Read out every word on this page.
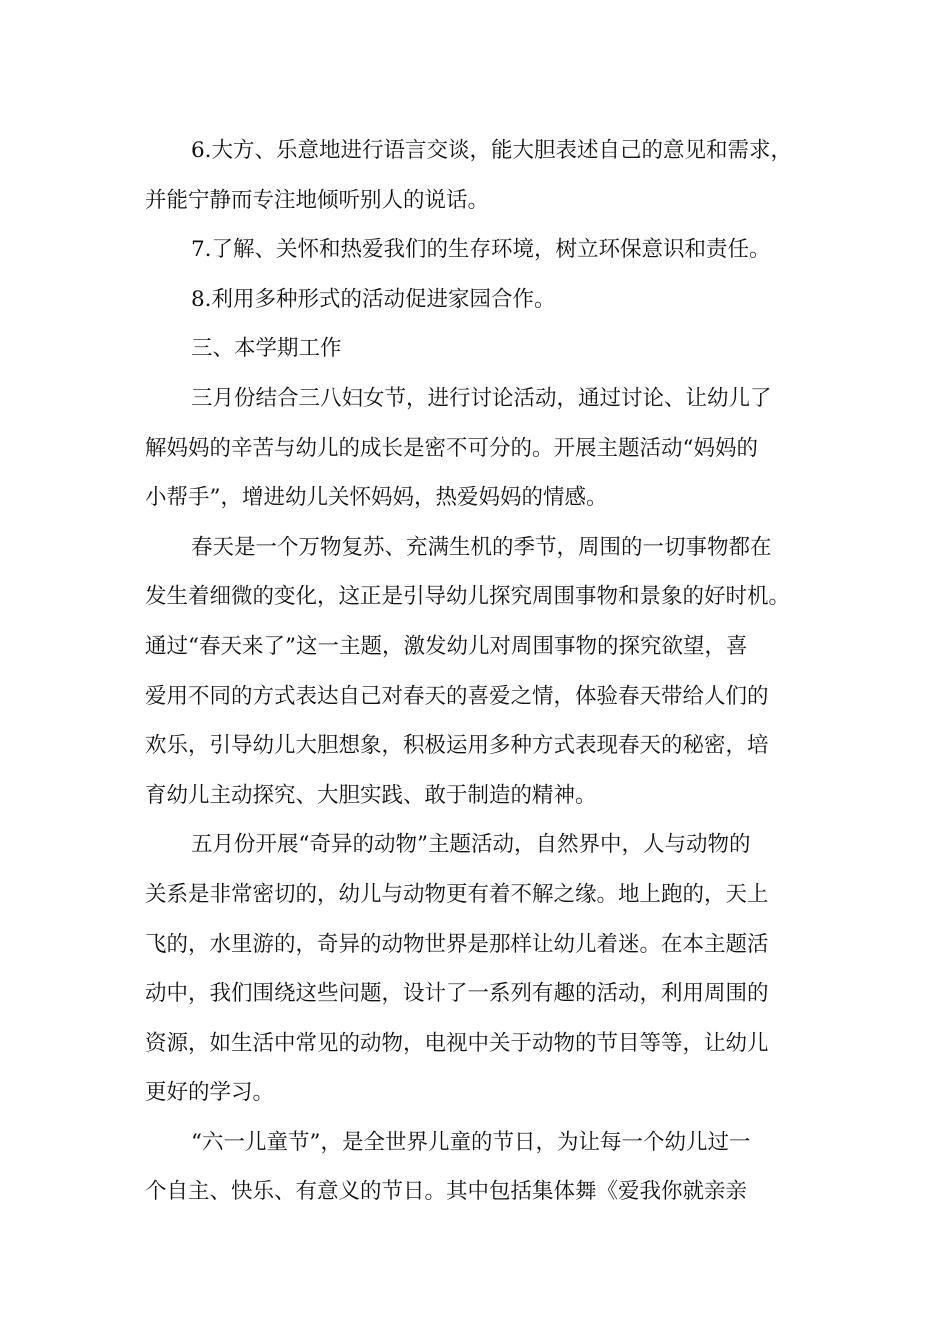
6.大方、乐意地进行语言交谈，能大胆表述自己的意见和需求，
并能宁静而专注地倾听别人的说话。
7.了解、关怀和热爱我们的生存环境，树立环保意识和责任。
8.利用多种形式的活动促进家园合作。
三、本学期工作
三月份结合三八妇女节，进行讨论活动，通过讨论、让幼儿了
解妈妈的辛苦与幼儿的成长是密不可分的。开展主题活动“妈妈的
小帮手”，增进幼儿关怀妈妈，热爱妈妈的情感。
春天是一个万物复苏、充满生机的季节，周围的一切事物都在
发生着细微的变化，这正是引导幼儿探究周围事物和景象的好时机。
通过“春天来了”这一主题，激发幼儿对周围事物的探究欲望，喜
爱用不同的方式表达自己对春天的喜爱之情，体验春天带给人们的
欢乐，引导幼儿大胆想象，积极运用多种方式表现春天的秘密，培
育幼儿主动探究、大胆实践、敢于制造的精神。
五月份开展“奇异的动物”主题活动，自然界中，人与动物的
关系是非常密切的，幼儿与动物更有着不解之缘。地上跑的，天上
飞的，水里游的，奇异的动物世界是那样让幼儿着迷。在本主题活
动中，我们围绕这些问题，设计了一系列有趣的活动，利用周围的
资源，如生活中常见的动物，电视中关于动物的节目等等，让幼儿
更好的学习。
“六一儿童节”，是全世界儿童的节日，为让每一个幼儿过一
个自主、快乐、有意义的节日。其中包括集体舞《爱我你就亲亲
